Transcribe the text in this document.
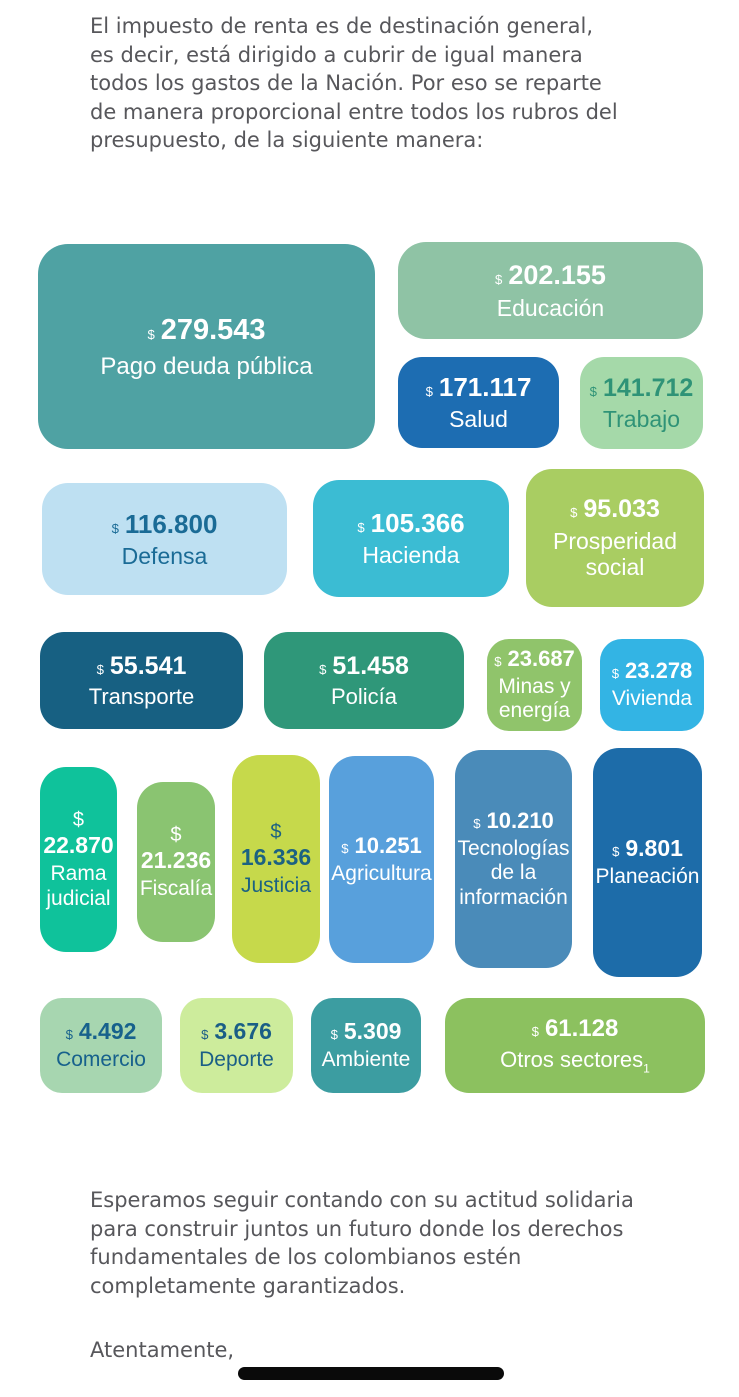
El impuesto de renta es de destinación general,
es decir, está dirigido a cubrir de igual manera
todos los gastos de la Nación. Por eso se reparte
de manera proporcional entre todos los rubros del
presupuesto, de la siguiente manera:
$ 279.543
Pago deuda pública
$ 202.155
Educación
$ 171.117
Salud
$ 141.712
Trabajo
$ 116.800
Defensa
$ 105.366
Hacienda
$ 95.033
Prosperidad social
$ 55.541
Transporte
$ 51.458
Policía
$ 23.687
Minas y energía
$ 23.278
Vivienda
$
22.870
Rama judicial
$
21.236
Fiscalía
$
16.336
Justicia
$ 10.251
Agricultura
$ 10.210
Tecnologías de la información
$ 9.801
Planeación
$ 4.492
Comercio
$ 3.676
Deporte
$ 5.309
Ambiente
$ 61.128
Otros sectores$_1$
Esperamos seguir contando con su actitud solidaria
para construir juntos un futuro donde los derechos
fundamentales de los colombianos estén
completamente garantizados.
Atentamente,
